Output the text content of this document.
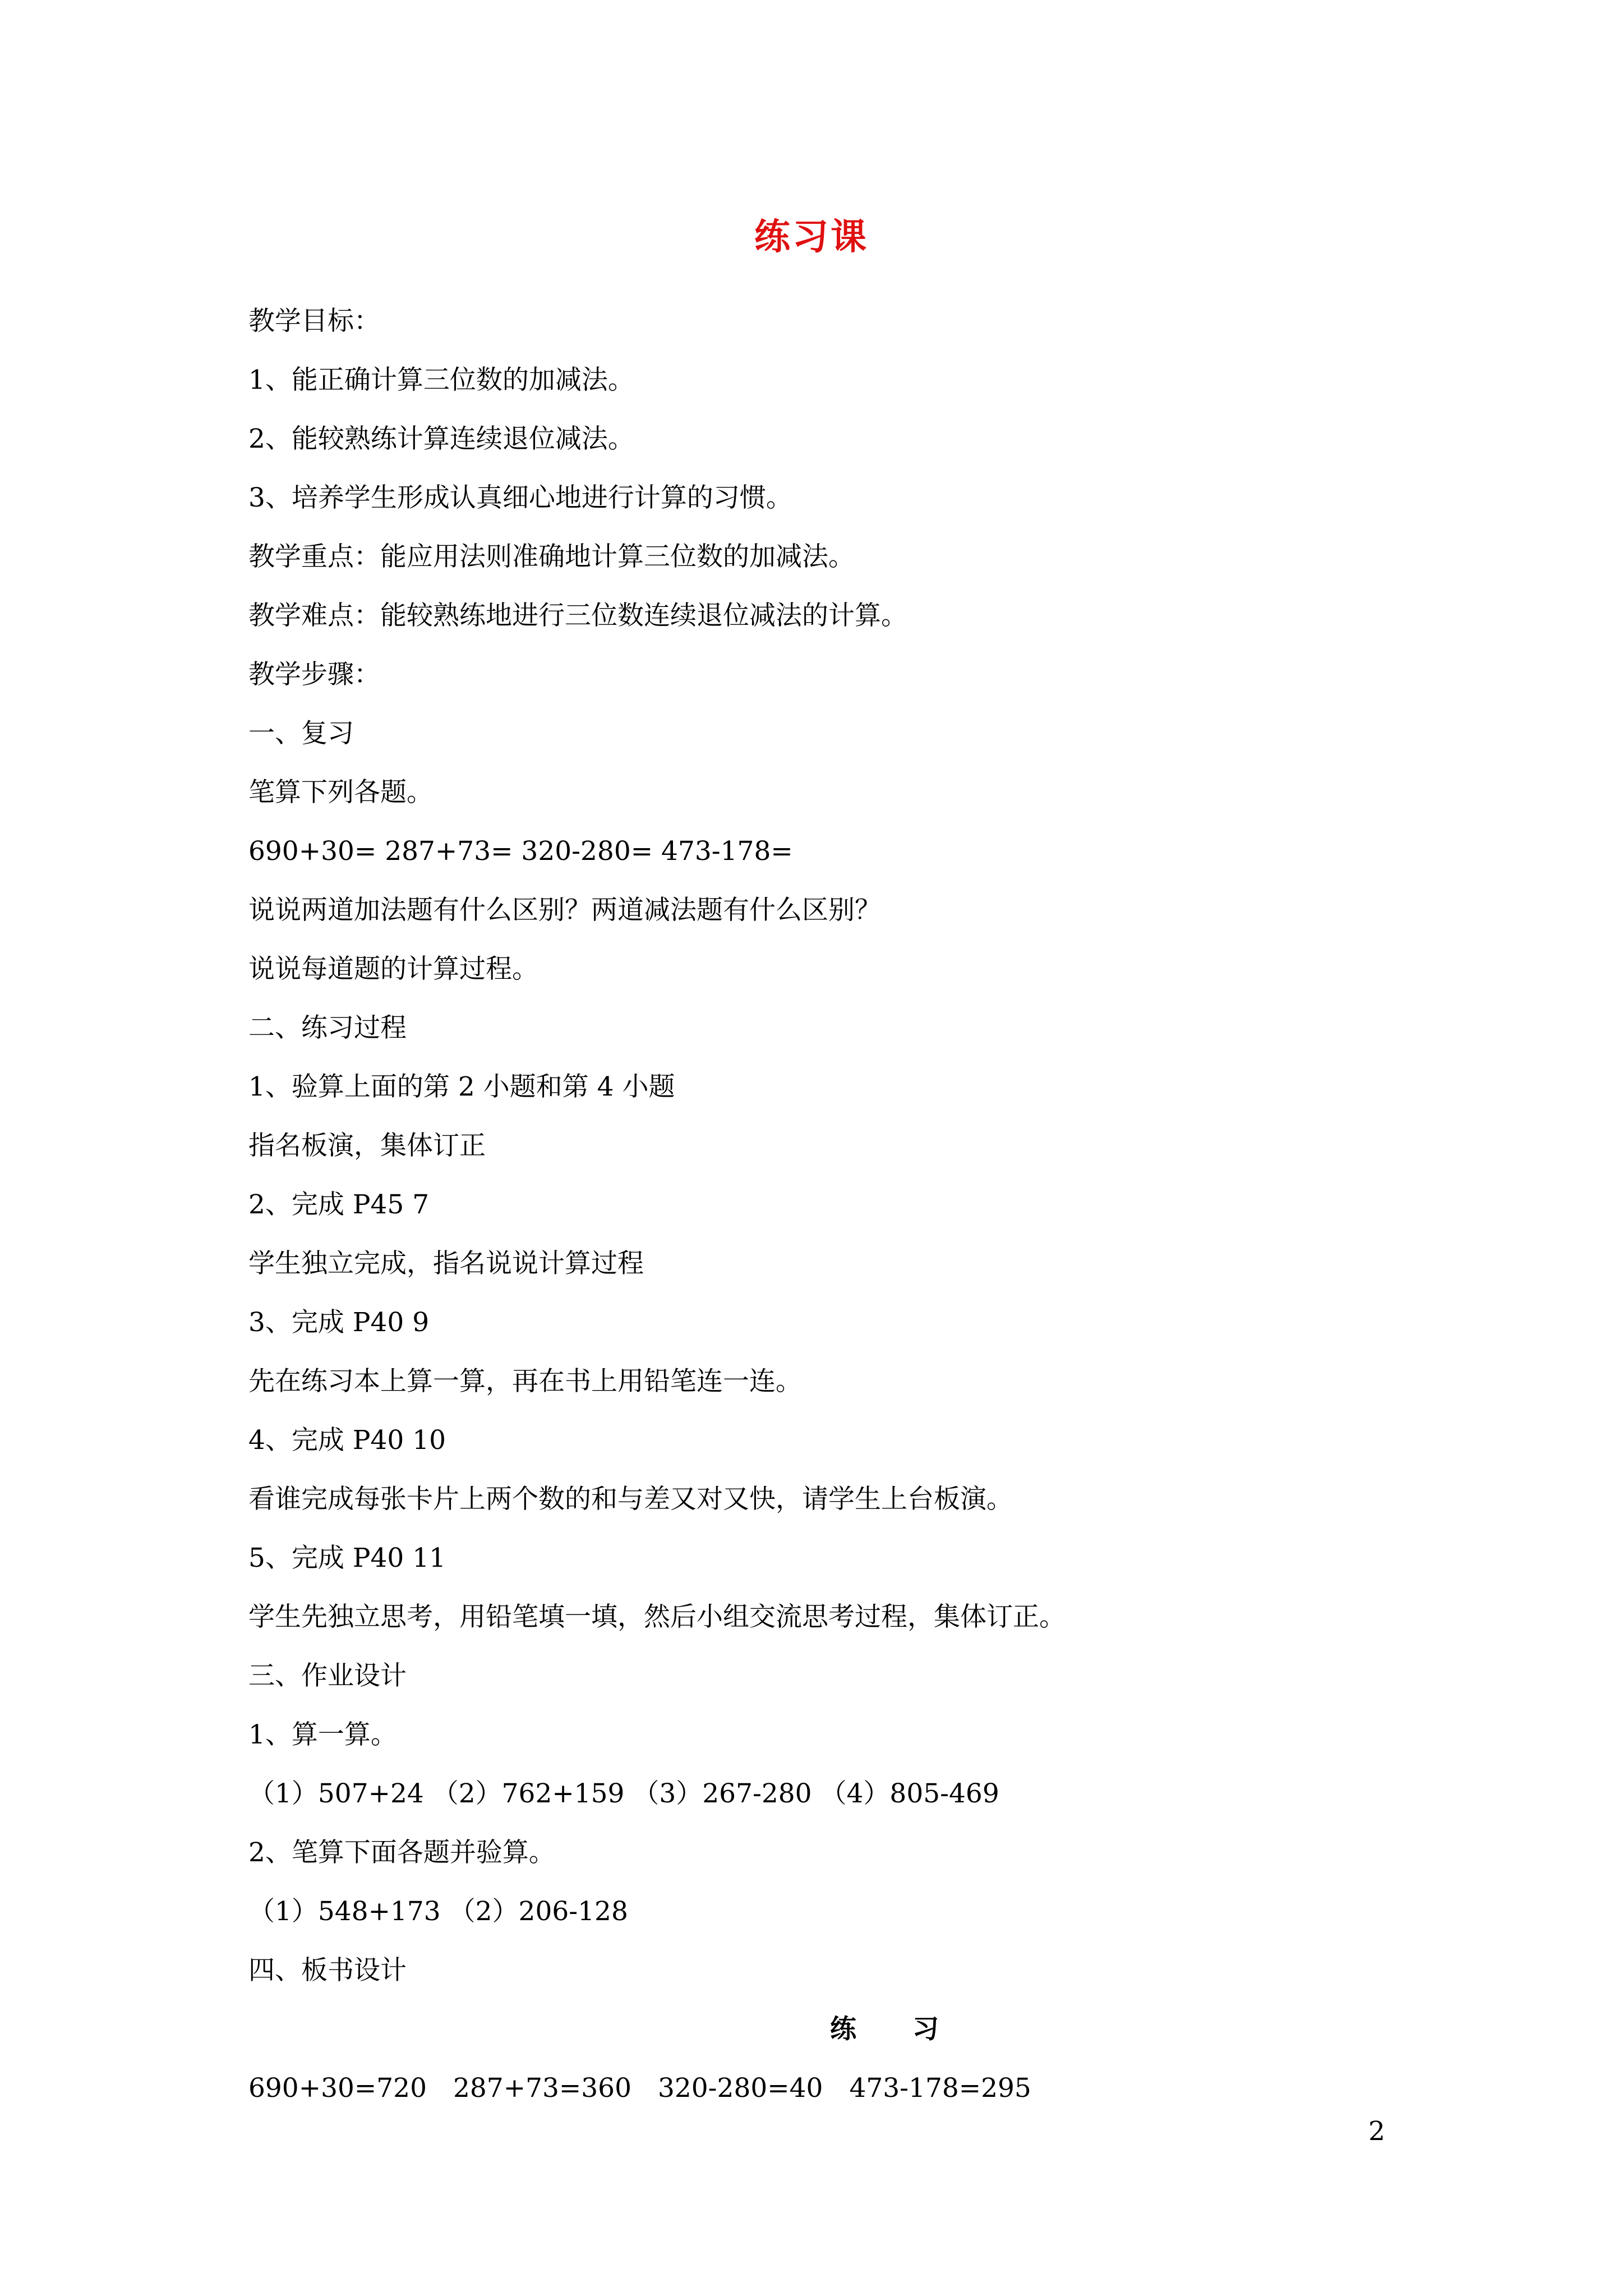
练习课
教学目标：
1、能正确计算三位数的加减法。
2、能较熟练计算连续退位减法。
3、培养学生形成认真细心地进行计算的习惯。
教学重点：能应用法则准确地计算三位数的加减法。
教学难点：能较熟练地进行三位数连续退位减法的计算。
教学步骤：
一、复习
笔算下列各题。
690+30= 287+73= 320-280= 473-178=
说说两道加法题有什么区别？两道减法题有什么区别？
说说每道题的计算过程。
二、练习过程
1、验算上面的第 2 小题和第 4 小题
指名板演，集体订正
2、完成 P45 7
学生独立完成，指名说说计算过程
3、完成 P40 9
先在练习本上算一算，再在书上用铅笔连一连。
4、完成 P40 10
看谁完成每张卡片上两个数的和与差又对又快，请学生上台板演。
5、完成 P40 11
学生先独立思考，用铅笔填一填，然后小组交流思考过程，集体订正。
三、作业设计
1、算一算。
（1）507+24 （2）762+159 （3）267-280 （4）805-469
2、笔算下面各题并验算。
（1）548+173 （2）206-128
四、板书设计
练　　习
690+30=720　287+73=360　320-280=40　473-178=295
2
